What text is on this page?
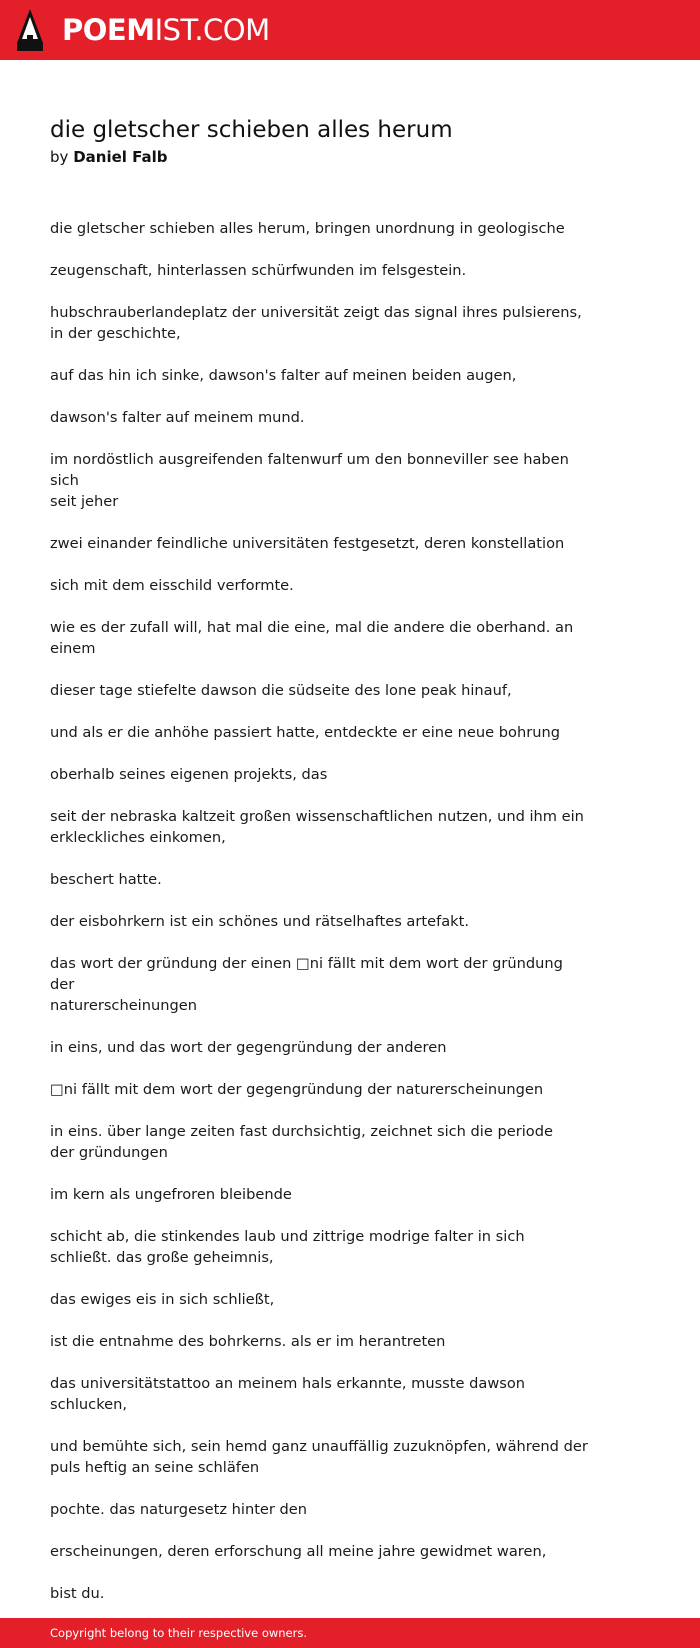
POEMIST.COM
die gletscher schieben alles herum

by Daniel Falb

die gletscher schieben alles herum, bringen unordnung in geologische

zeugenschaft, hinterlassen schürfwunden im felsgestein.

hubschrauberlandeplatz der universität zeigt das signal ihres pulsierens,
in der geschichte,

auf das hin ich sinke, dawson's falter auf meinen beiden augen,

dawson's falter auf meinem mund.

im nordöstlich ausgreifenden faltenwurf um den bonneviller see haben sich
seit jeher

zwei einander feindliche universitäten festgesetzt, deren konstellation

sich mit dem eisschild verformte.

wie es der zufall will, hat mal die eine, mal die andere die oberhand. an
einem

dieser tage stiefelte dawson die südseite des lone peak hinauf,

und als er die anhöhe passiert hatte, entdeckte er eine neue bohrung

oberhalb seines eigenen projekts, das

seit der nebraska kaltzeit großen wissenschaftlichen nutzen, und ihm ein
erkleckliches einkomen,

beschert hatte.

der eisbohrkern ist ein schönes und rätselhaftes artefakt.

das wort der gründung der einen □ni fällt mit dem wort der gründung der
naturerscheinungen

in eins, und das wort der gegengründung der anderen

□ni fällt mit dem wort der gegengründung der naturerscheinungen

in eins. über lange zeiten fast durchsichtig, zeichnet sich die periode
der gründungen

im kern als ungefroren bleibende

schicht ab, die stinkendes laub und zittrige modrige falter in sich
schließt. das große geheimnis,

das ewiges eis in sich schließt,

ist die entnahme des bohrkerns. als er im herantreten

das universitätstattoo an meinem hals erkannte, musste dawson schlucken,

und bemühte sich, sein hemd ganz unauffällig zuzuknöpfen, während der
puls heftig an seine schläfen

pochte. das naturgesetz hinter den

erscheinungen, deren erforschung all meine jahre gewidmet waren,

bist du.

Copyright belong to their respective owners.
